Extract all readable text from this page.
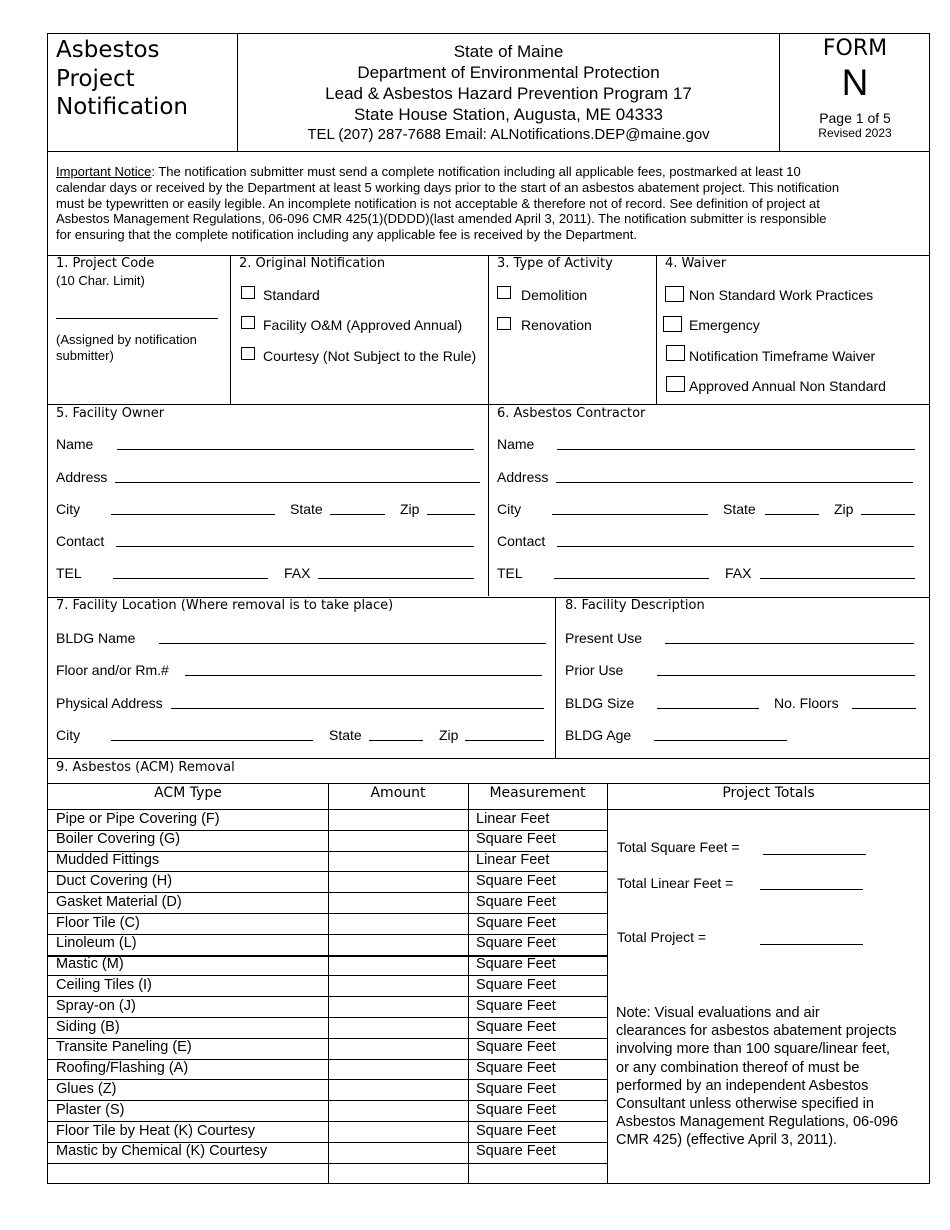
Pipe or Pipe Covering (F)	Linear Feet
Boiler Covering (G)	Square Feet
Mudded Fittings	Linear Feet
Duct Covering (H)	Square Feet
Gasket Material (D)	Square Feet
Floor Tile (C)	Square Feet
Linoleum (L)	Square Feet
Mastic (M)	Square Feet
Ceiling Tiles (I)	Square Feet
Spray-on (J)	Square Feet
Siding (B)	Square Feet
Transite Paneling (E)	Square Feet
Roofing/Flashing (A)	Square Feet
Glues (Z)	Square Feet
Plaster (S)	Square Feet
Floor Tile by Heat (K) Courtesy	Square Feet
Mastic by Chemical (K) Courtesy	Square Feet
Asbestos
Project
Notification
State of Maine
Department of Environmental Protection
Lead & Asbestos Hazard Prevention Program 17
State House Station, Augusta, ME 04333
TEL (207) 287-7688 Email: ALNotifications.DEP@maine.gov
FORM
N
Page 1 of 5
Revised 2023
Important Notice: The notification submitter must send a complete notification including all applicable fees, postmarked at least 10
calendar days or received by the Department at least 5 working days prior to the start of an asbestos abatement project. This notification
must be typewritten or easily legible. An incomplete notification is not acceptable & therefore not of record. See definition of project at
Asbestos Management Regulations, 06-096 CMR 425(1)(DDDD)(last amended April 3, 2011). The notification submitter is responsible
for ensuring that the complete notification including any applicable fee is received by the Department.
1. Project Code
(10 Char. Limit)
(Assigned by notification
submitter)
2. Original Notification
Standard
Facility O&M (Approved Annual)
Courtesy (Not Subject to the Rule)
3. Type of Activity
Demolition
Renovation
4. Waiver
Non Standard Work Practices
Emergency
Notification Timeframe Waiver
Approved Annual Non Standard
5. Facility Owner
Name
Address
City	State	Zip
Contact
TEL	FAX
6. Asbestos Contractor
Name
Address
City	State	Zip
Contact
TEL	FAX
7. Facility Location (Where removal is to take place)
BLDG Name
Floor and/or Rm.#
Physical Address
City	State	Zip
8. Facility Description
Present Use
Prior Use
BLDG Size	No. Floors
BLDG Age
9. Asbestos (ACM) Removal
ACM Type	Amount	Measurement	Project Totals
Total Square Feet =
Total Linear Feet =
Total Project =
Note: Visual evaluations and air
clearances for asbestos abatement projects
involving more than 100 square/linear feet,
or any combination thereof of must be
performed by an independent Asbestos
Consultant unless otherwise specified in
Asbestos Management Regulations, 06-096
CMR 425) (effective April 3, 2011).
